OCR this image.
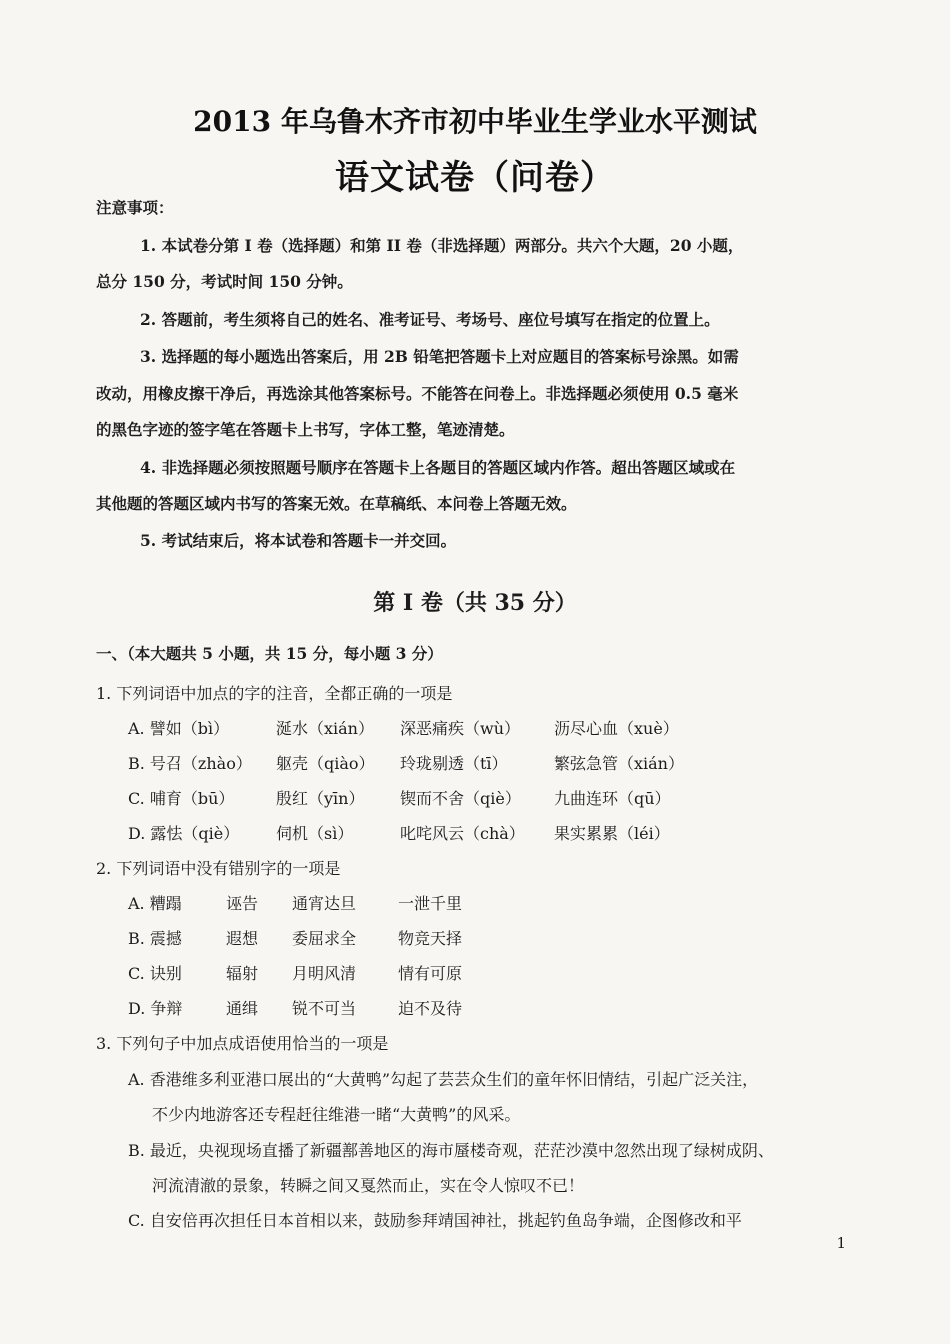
2013 年乌鲁木齐市初中毕业生学业水平测试
语文试卷（问卷）
注意事项：
1. 本试卷分第 I 卷（选择题）和第 II 卷（非选择题）两部分。共六个大题，20 小题，
总分 150 分，考试时间 150 分钟。
2. 答题前，考生须将自己的姓名、准考证号、考场号、座位号填写在指定的位置上。
3. 选择题的每小题选出答案后，用 2B 铅笔把答题卡上对应题目的答案标号涂黑。如需
改动，用橡皮擦干净后，再选涂其他答案标号。不能答在问卷上。非选择题必须使用 0.5 毫米
的黑色字迹的签字笔在答题卡上书写，字体工整，笔迹清楚。
4. 非选择题必须按照题号顺序在答题卡上各题目的答题区域内作答。超出答题区域或在
其他题的答题区域内书写的答案无效。在草稿纸、本问卷上答题无效。
5. 考试结束后，将本试卷和答题卡一并交回。
第 I 卷（共 35 分）
一、（本大题共 5 小题，共 15 分，每小题 3 分）
1. 下列词语中加点的字的注音，全都正确的一项是
A. 譬如（bì）	涎水（xián） 深恶痛疾（wù） 沥尽心血（xuè）
B. 号召（zhào） 躯壳（qiào） 玲珑剔透（tī）	繁弦急管（xián）
C. 哺育（bū）	殷红（yīn） 锲而不舍（qiè） 九曲连环（qū）
D. 露怯（qiè） 伺机（sì）	叱咤风云（chà） 果实累累（léi）
2. 下列词语中没有错别字的一项是
A. 糟蹋	诬告 通宵达旦	一泄千里
B. 震撼	遐想 委屈求全	物竞天择
C. 诀别	辐射 月明风清	情有可原
D. 争辩	通缉 锐不可当	迫不及待
3. 下列句子中加点成语使用恰当的一项是
A. 香港维多利亚港口展出的“大黄鸭”勾起了芸芸众生们的童年怀旧情结，引起广泛关注，
不少内地游客还专程赶往维港一睹“大黄鸭”的风采。
B. 最近，央视现场直播了新疆鄯善地区的海市蜃楼奇观，茫茫沙漠中忽然出现了绿树成阴、
河流清澈的景象，转瞬之间又戛然而止，实在令人惊叹不已！
C. 自安倍再次担任日本首相以来，鼓励参拜靖国神社，挑起钓鱼岛争端，企图修改和平
1
